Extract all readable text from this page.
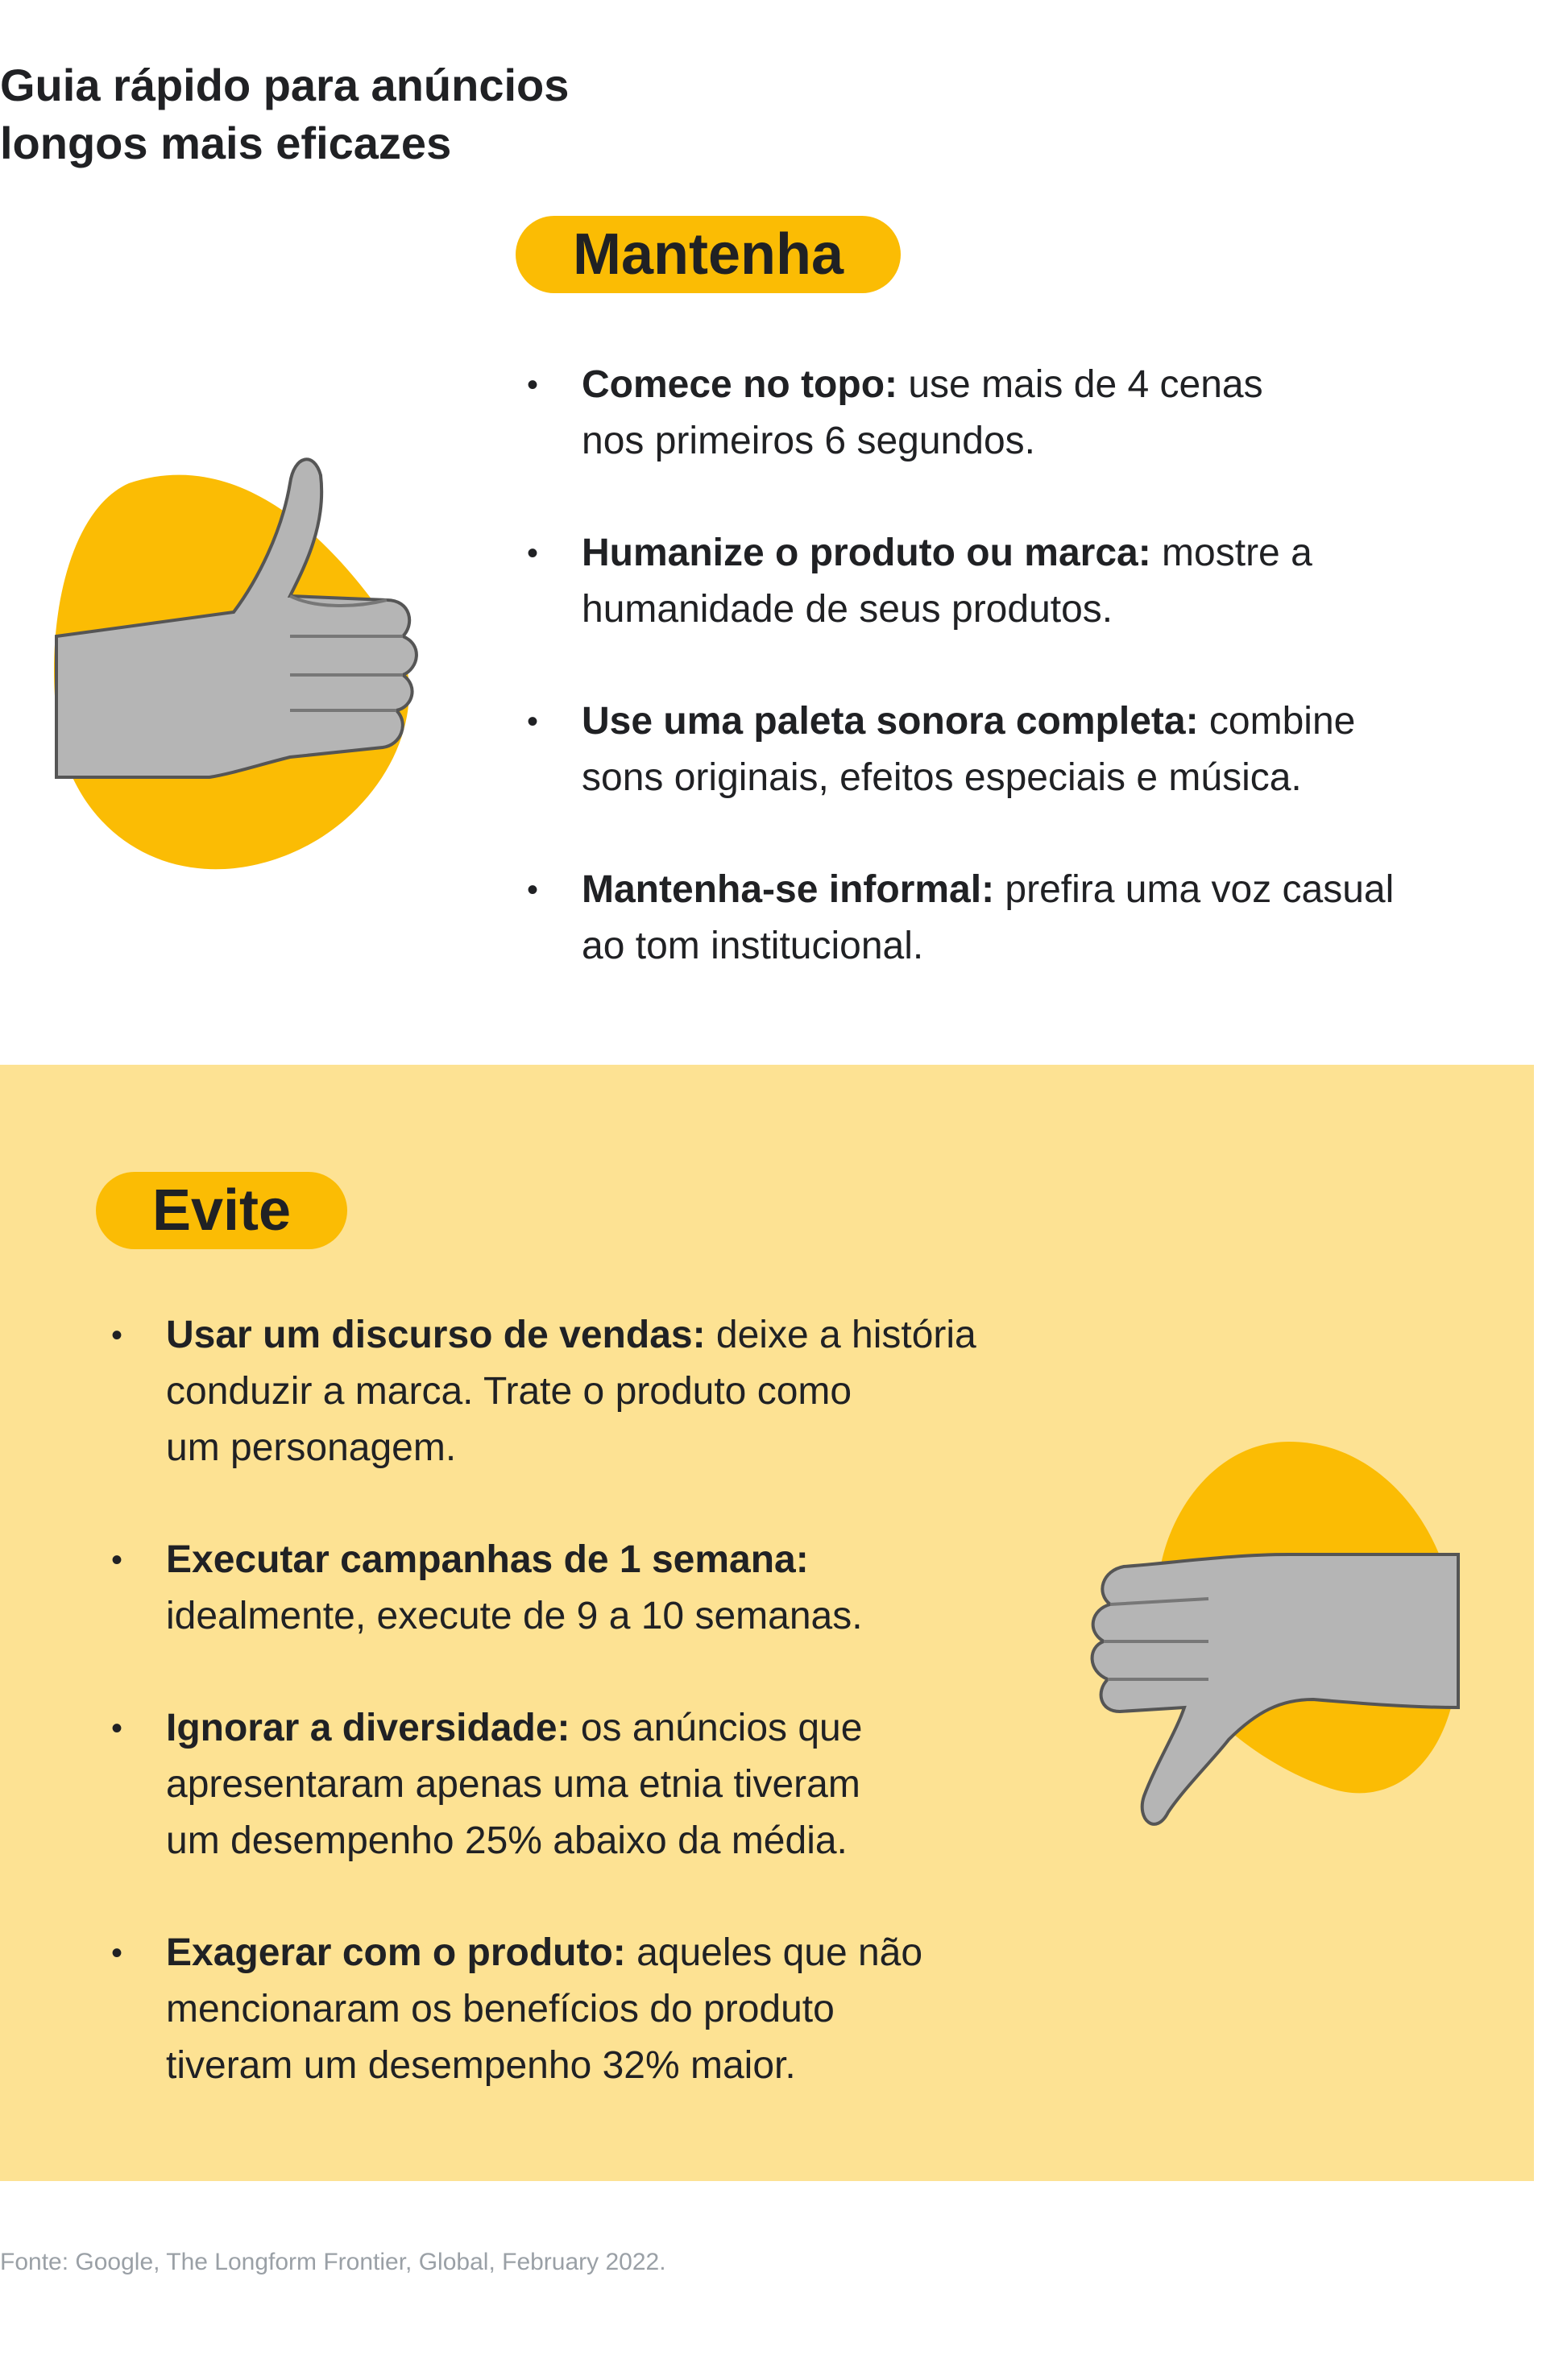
Guia rápido para anúncios
longos mais eficazes
Mantenha
• Comece no topo: use mais de 4 cenas
nos primeiros 6 segundos.
• Humanize o produto ou marca: mostre a
humanidade de seus produtos.
• Use uma paleta sonora completa: combine
sons originais, efeitos especiais e música.
• Mantenha-se informal: prefira uma voz casual
ao tom institucional.
Evite
• Usar um discurso de vendas: deixe a história
conduzir a marca. Trate o produto como
um personagem.
• Executar campanhas de 1 semana:
idealmente, execute de 9 a 10 semanas.
• Ignorar a diversidade: os anúncios que
apresentaram apenas uma etnia tiveram
um desempenho 25% abaixo da média.
• Exagerar com o produto: aqueles que não
mencionaram os benefícios do produto
tiveram um desempenho 32% maior.
Fonte: Google, The Longform Frontier, Global, February 2022.
